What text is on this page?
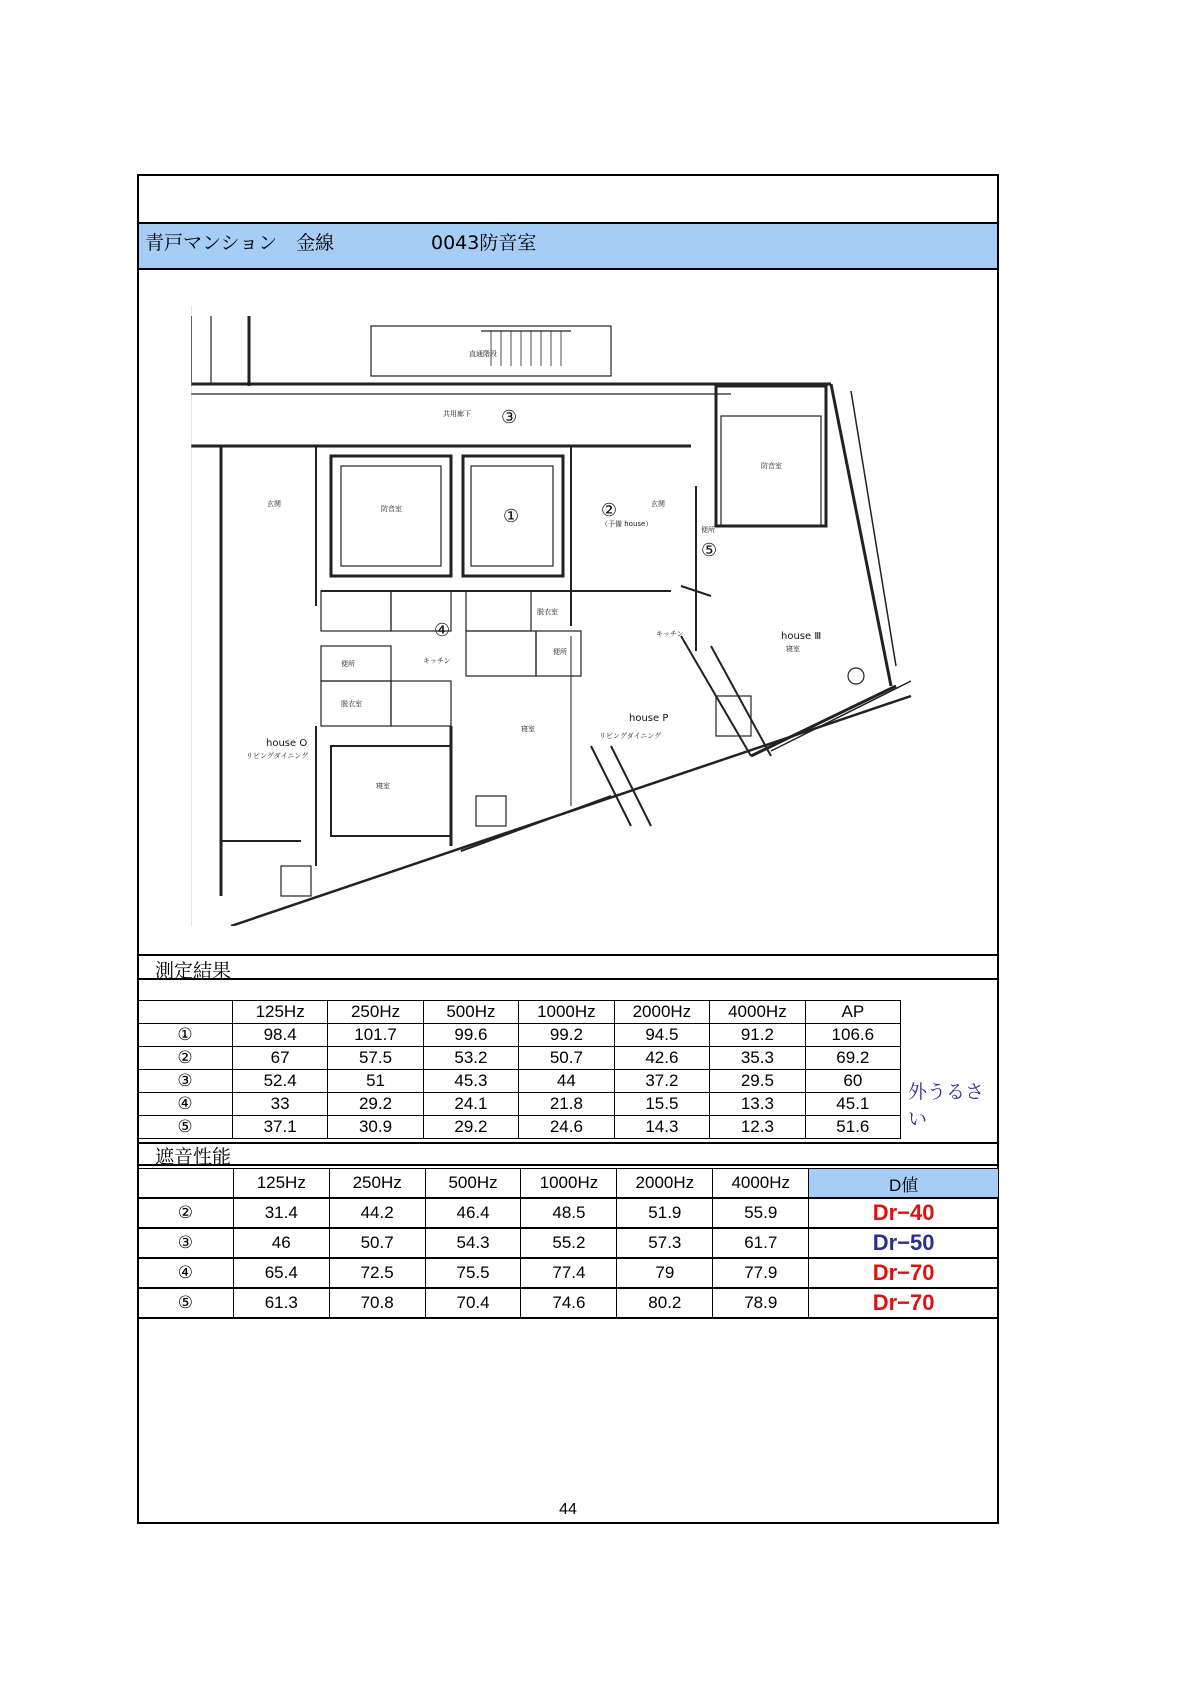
青戸マンション　金線	0043防音室
直通階段
共用廊下
玄関
防音室
玄関
（予備 house）
防音室
便所
脱衣室
便所
キッチン
便所	キッチン
脱衣室
寝室
リビングダイニング
リビングダイニング
寝室
寝室
house Ⅲ
house P
house O
①	②
③
④
⑤
測定結果
	125Hz	250Hz	500Hz	1000Hz	2000Hz	4000Hz	AP
①	98.4	101.7	99.6	99.2	94.5	91.2	106.6
②	67	57.5	53.2	50.7	42.6	35.3	69.2
③	52.4	51	45.3	44	37.2	29.5	60
④	33	29.2	24.1	21.8	15.5	13.3	45.1
⑤	37.1	30.9	29.2	24.6	14.3	12.3	51.6
外うるさい
遮音性能
	125Hz	250Hz	500Hz	1000Hz	2000Hz	4000Hz	D値
②	31.4	44.2	46.4	48.5	51.9	55.9	Dr−40
③	46	50.7	54.3	55.2	57.3	61.7	Dr−50
④	65.4	72.5	75.5	77.4	79	77.9	Dr−70
⑤	61.3	70.8	70.4	74.6	80.2	78.9	Dr−70
44
